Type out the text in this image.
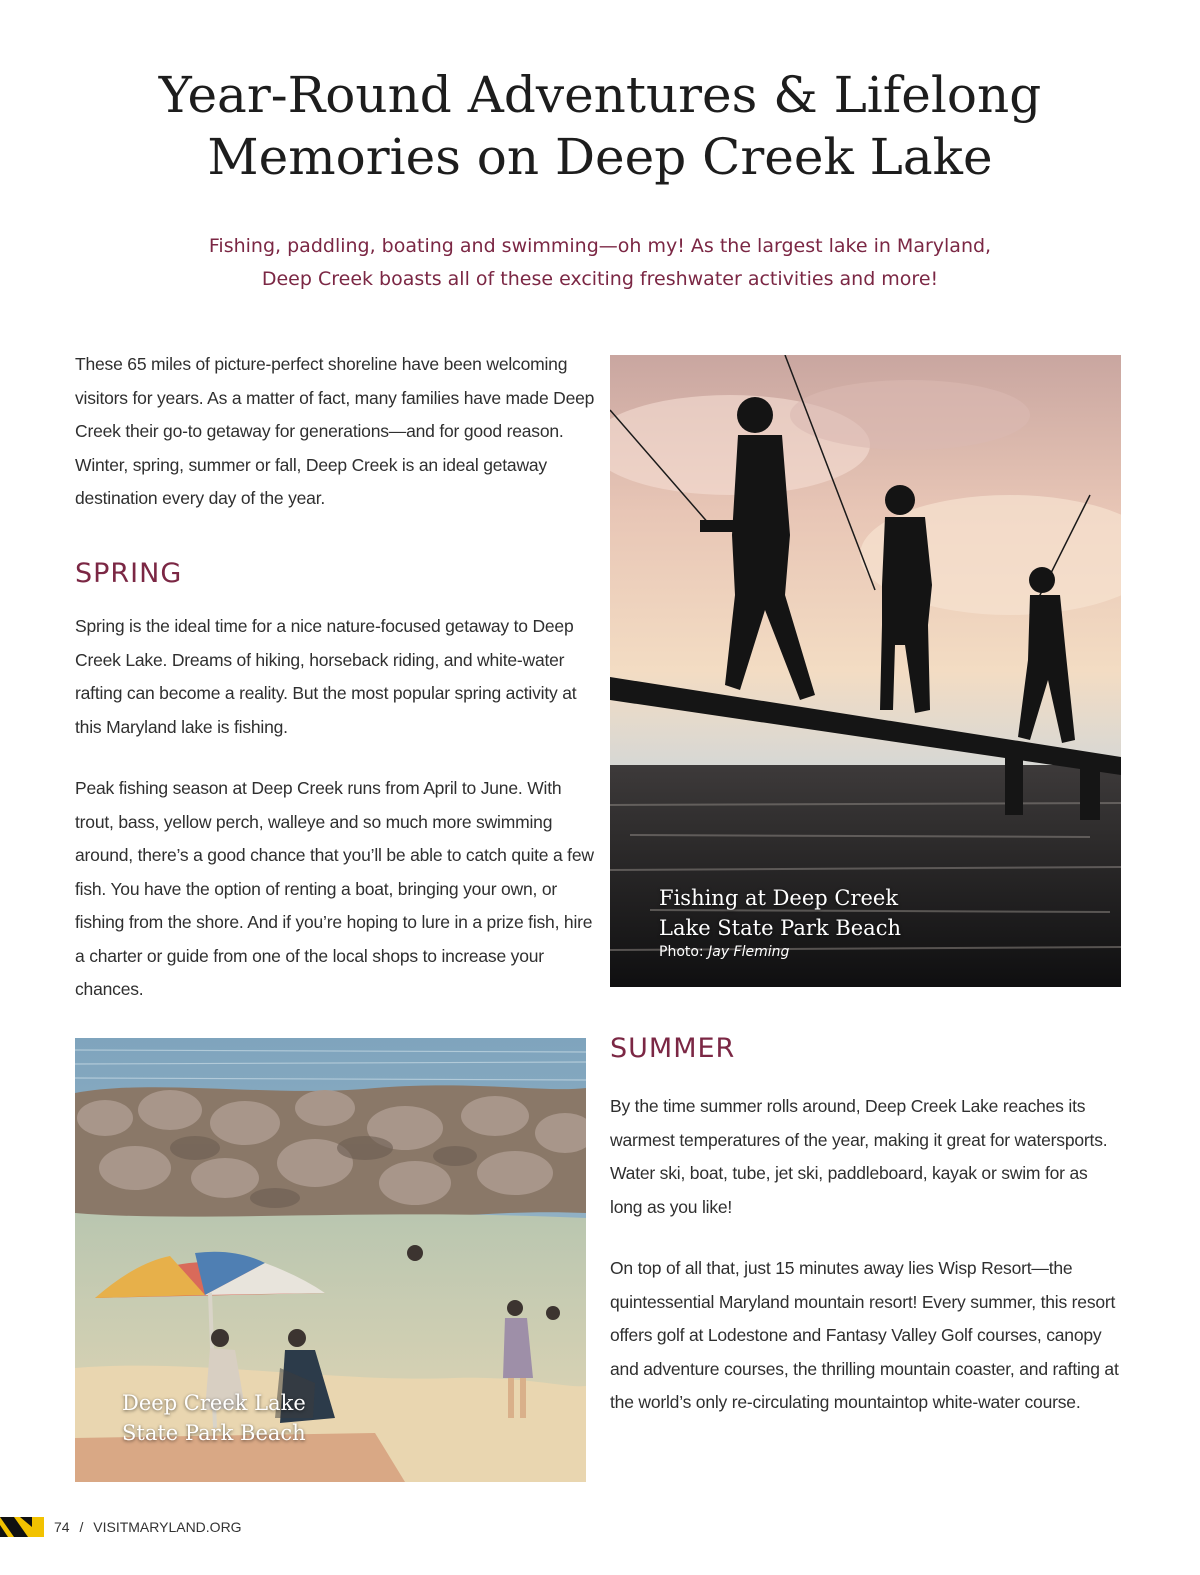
Year-Round Adventures & Lifelong
Memories on Deep Creek Lake
Fishing, paddling, boating and swimming—oh my! As the largest lake in Maryland,
Deep Creek boasts all of these exciting freshwater activities and more!

These 65 miles of picture-perfect shoreline have been welcoming visitors for years. As a matter of fact, many families have made Deep Creek their go-to getaway for generations—and for good reason. Winter, spring, summer or fall, Deep Creek is an ideal getaway destination every day of the year.

SPRING

Spring is the ideal time for a nice nature-focused getaway to Deep Creek Lake. Dreams of hiking, horseback riding, and white-water rafting can become a reality. But the most popular spring activity at this Maryland lake is fishing.

Peak fishing season at Deep Creek runs from April to June. With trout, bass, yellow perch, walleye and so much more swimming around, there’s a good chance that you’ll be able to catch quite a few fish. You have the option of renting a boat, bringing your own, or fishing from the shore. And if you’re hoping to lure in a prize fish, hire a charter or guide from one of the local shops to increase your chances.

Fishing at Deep Creek
Lake State Park Beach
Photo: Jay Fleming
SUMMER

By the time summer rolls around, Deep Creek Lake reaches its warmest temperatures of the year, making it great for watersports. Water ski, boat, tube, jet ski, paddleboard, kayak or swim for as long as you like!

On top of all that, just 15 minutes away lies Wisp Resort—the quintessential Maryland mountain resort! Every summer, this resort offers golf at Lodestone and Fantasy Valley Golf courses, canopy and adventure courses, the thrilling mountain coaster, and rafting at the world’s only re-circulating mountaintop white-water course.

Deep Creek Lake
State Park Beach
74 / VISITMARYLAND.ORG
